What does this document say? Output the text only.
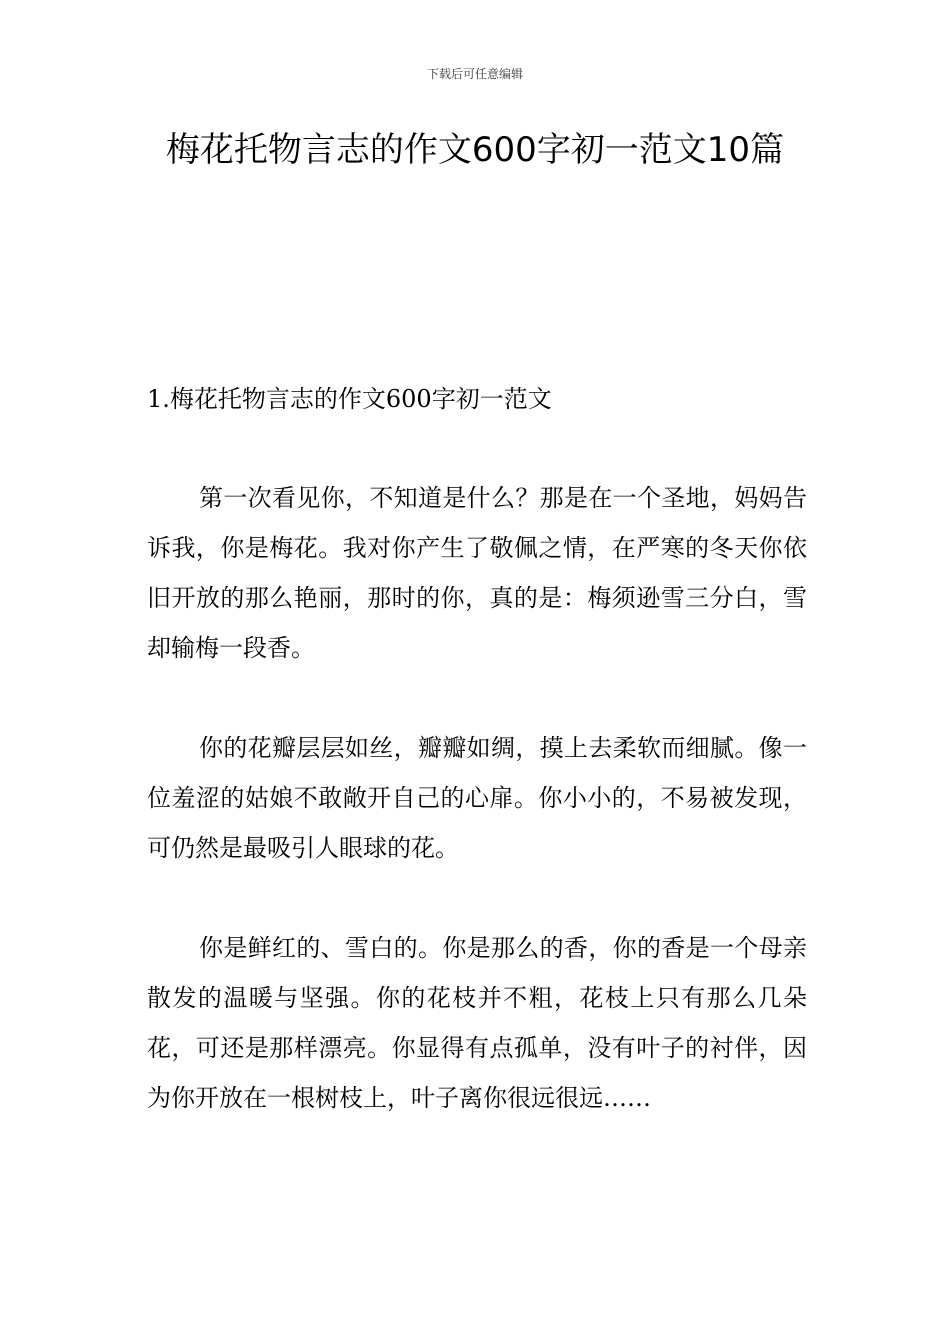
下载后可任意编辑
梅花托物言志的作文600字初一范文10篇
1.梅花托物言志的作文600字初一范文

第一次看见你，不知道是什么？那是在一个圣地，妈妈告诉我，你是梅花。我对你产生了敬佩之情，在严寒的冬天你依旧开放的那么艳丽，那时的你，真的是：梅须逊雪三分白，雪却输梅一段香。

你的花瓣层层如丝，瓣瓣如绸，摸上去柔软而细腻。像一位羞涩的姑娘不敢敞开自己的心扉。你小小的，不易被发现，可仍然是最吸引人眼球的花。

你是鲜红的、雪白的。你是那么的香，你的香是一个母亲散发的温暖与坚强。你的花枝并不粗，花枝上只有那么几朵花，可还是那样漂亮。你显得有点孤单，没有叶子的衬伴，因为你开放在一根树枝上，叶子离你很远很远……
